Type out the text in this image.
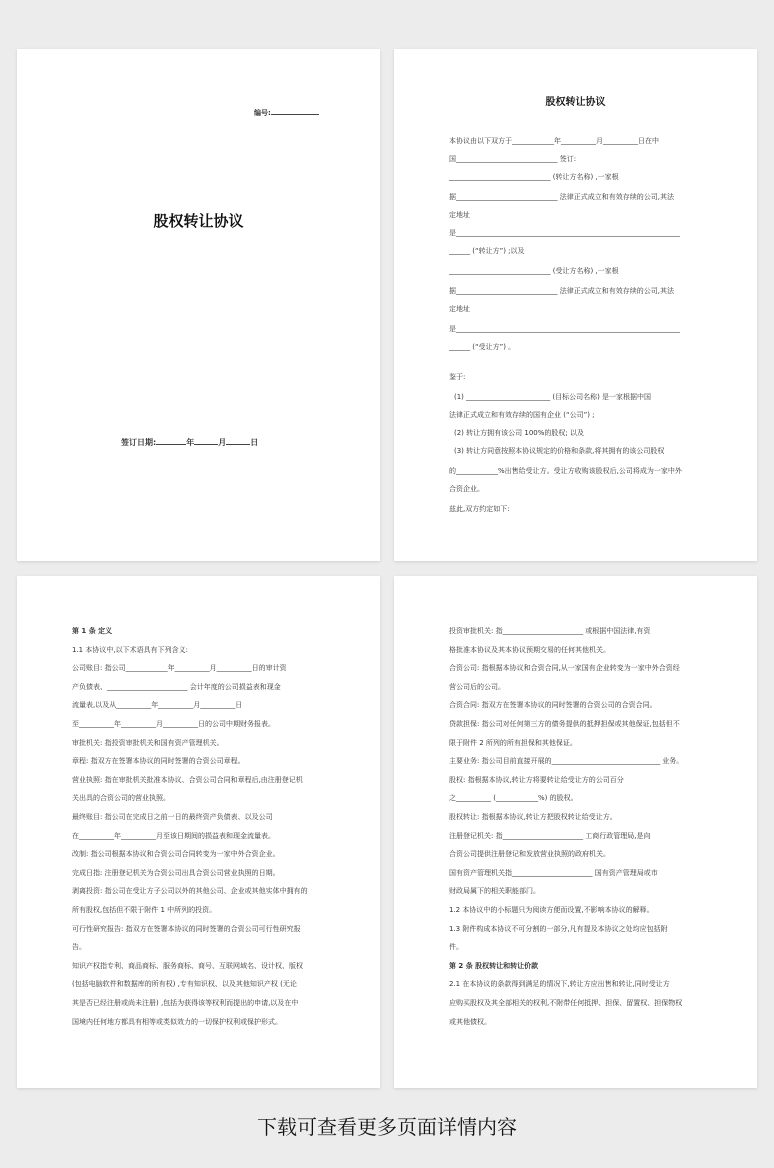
编号:
股权转让协议
签订日期:	年	月	日
股权转让协议
本协议由以下双方于____________年__________月__________日在中
国_____________________________ 签订:
_____________________________ (转让方名称) ,一家根
据_____________________________ 法律正式成立和有效存续的公司,其法
定地址
是________________________________________________________________
______ (“转让方”) ;以及
_____________________________ (受让方名称) ,一家根
据_____________________________ 法律正式成立和有效存续的公司,其法
定地址
是________________________________________________________________
______ (“受让方”) 。
鉴于:
(1) ________________________ (目标公司名称) 是一家根据中国
法律正式成立和有效存续的国有企业 (“公司”) ;
(2) 转让方拥有该公司 100%的股权; 以及
(3) 转让方同意按照本协议规定的价格和条款,将其拥有的该公司股权
的____________%出售给受让方。受让方收购该股权后,公司将成为一家中外
合资企业。
兹此,双方约定如下:
第 1 条 定义
1.1 本协议中,以下术语具有下列含义:
公司账目: 指公司____________年__________月__________日的审计资
产负债表、_______________________ 会计年度的公司损益表和现金
流量表,以及从__________年__________月__________日
至__________年__________月__________日的公司中期财务报表。
审批机关: 指投资审批机关和国有资产管理机关。
章程: 指双方在签署本协议的同时签署的合资公司章程。
营业执照: 指在审批机关批准本协议、合资公司合同和章程后,由注册登记机
关出具的合资公司的营业执照。
最终账目: 指公司在完成日之前一日的最终资产负债表、以及公司
在__________年__________月至该日期间的损益表和现金流量表。
改制: 指公司根据本协议和合资公司合同转变为一家中外合资企业。
完成日指: 注册登记机关为合资公司出具合资公司营业执照的日期。
剥离投资: 指公司在受让方子公司以外的其他公司、企业或其他实体中拥有的
所有股权,包括但不限于附件 1 中所列的投资。
可行性研究报告: 指双方在签署本协议的同时签署的合资公司可行性研究报
告。
知识产权指专利、商品商标、服务商标、商号、互联网域名、设计权、版权
(包括电脑软件和数据库的所有权) ,专有知识权、以及其他知识产权 (无论
其是否已经注册或尚未注册) ,包括为获得该等权利而提出的申请,以及在中
国境内任何地方都具有相等或类似效力的一切保护权利或保护形式。
投资审批机关: 指_______________________ 或根据中国法律,有资
格批准本协议及其本协议预期交易的任何其他机关。
合资公司: 指根据本协议和合资合同,从一家国有企业转变为一家中外合资经
营公司后的公司。
合资合同: 指双方在签署本协议的同时签署的合资公司的合资合同。
贷款担保: 指公司对任何第三方的债务提供的抵押担保或其他保证,包括但不
限于附件 2 所列的所有担保和其他保证。
主要业务: 指公司目前直接开展的_______________________________ 业务。
股权: 指根据本协议,转让方将要转让给受让方的公司百分
之__________ (____________%) 的股权。
股权转让: 指根据本协议,转让方把股权转让给受让方。
注册登记机关: 指_______________________ 工商行政管理局,是向
合资公司提供注册登记和发放营业执照的政府机关。
国有资产管理机关指_______________________ 国有资产管理局或市
财政局属下的相关职能部门。
1.2 本协议中的小标题只为阅读方便而设置,不影响本协议的解释。
1.3 附件构成本协议不可分割的一部分,凡有提及本协议之处均应包括附
件。
第 2 条 股权转让和转让价款
2.1 在本协议的条款得到满足的情况下,转让方应出售和转让,同时受让方
应购买股权及其全部相关的权利,不附带任何抵押、担保、留置权、担保物权
或其他债权。
下载可查看更多页面详情内容
